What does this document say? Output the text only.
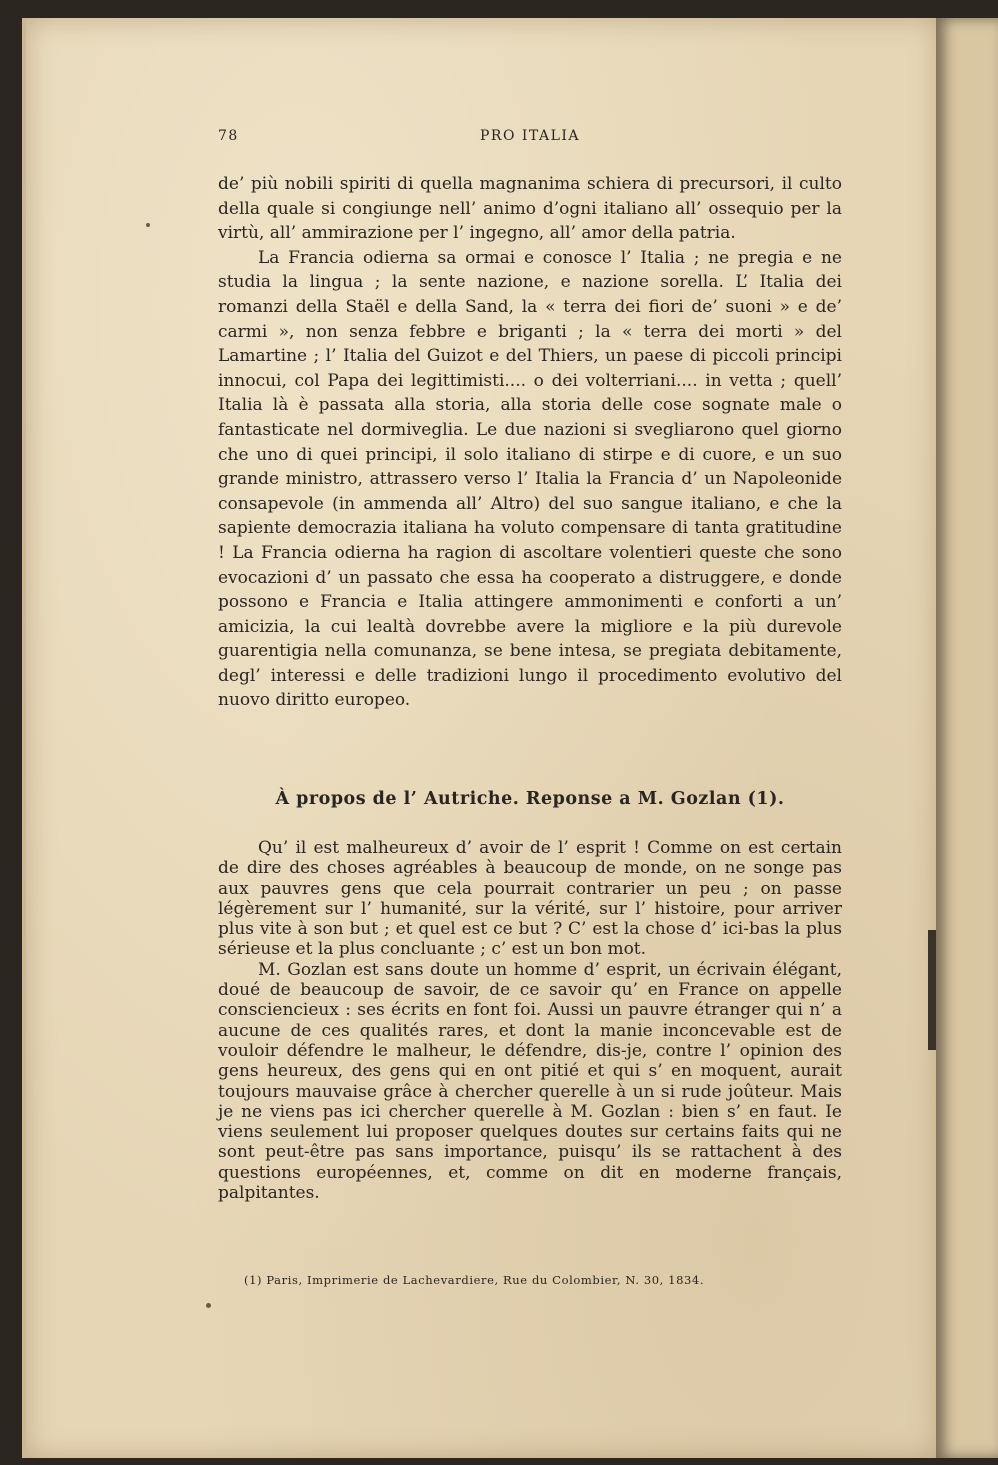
78	PRO ITALIA

de’ più nobili spiriti di quella magnanima schiera di precursori, il culto della quale si congiunge nell’ animo d’ogni italiano all’ ossequio per la virtù, all’ ammirazione per l’ ingegno, all’ amor della patria.

La Francia odierna sa ormai e conosce l’ Italia ; ne pregia e ne studia la lingua ; la sente nazione, e nazione sorella. L’ Italia dei romanzi della Staël e della Sand, la « terra dei fiori de’ suoni » e de’ carmi », non senza febbre e briganti ; la « terra dei morti » del Lamartine ; l’ Italia del Guizot e del Thiers, un paese di piccoli principi innocui, col Papa dei legittimisti.... o dei volterriani.... in vetta ; quell’ Italia là è passata alla storia, alla storia delle cose sognate male o fantasticate nel dormiveglia. Le due nazioni si svegliarono quel giorno che uno di quei principi, il solo italiano di stirpe e di cuore, e un suo grande ministro, attrassero verso l’ Italia la Francia d’ un Napoleonide consapevole (in ammenda all’ Altro) del suo sangue italiano, e che la sapiente democrazia italiana ha voluto compensare di tanta gratitudine ! La Francia odierna ha ragion di ascoltare volentieri queste che sono evocazioni d’ un passato che essa ha cooperato a distruggere, e donde possono e Francia e Italia attingere ammonimenti e conforti a un’ amicizia, la cui lealtà dovrebbe avere la migliore e la più durevole guarentigia nella comunanza, se bene intesa, se pregiata debitamente, degl’ interessi e delle tradizioni lungo il procedimento evolutivo del nuovo diritto europeo.

À propos de l’ Autriche. Reponse a M. Gozlan (1).

Qu’ il est malheureux d’ avoir de l’ esprit ! Comme on est certain de dire des choses agréables à beaucoup de monde, on ne songe pas aux pauvres gens que cela pourrait contrarier un peu ; on passe légèrement sur l’ humanité, sur la vérité, sur l’ histoire, pour arriver plus vite à son but ; et quel est ce but ? C’ est la chose d’ ici-bas la plus sérieuse et la plus concluante ; c’ est un bon mot.

M. Gozlan est sans doute un homme d’ esprit, un écrivain élégant, doué de beaucoup de savoir, de ce savoir qu’ en France on appelle consciencieux : ses écrits en font foi. Aussi un pauvre étranger qui n’ a aucune de ces qualités rares, et dont la manie inconcevable est de vouloir défendre le malheur, le défendre, dis-je, contre l’ opinion des gens heureux, des gens qui en ont pitié et qui s’ en moquent, aurait toujours mauvaise grâce à chercher querelle à un si rude joûteur. Mais je ne viens pas ici chercher querelle à M. Gozlan : bien s’ en faut. Ie viens seulement lui proposer quelques doutes sur certains faits qui ne sont peut-être pas sans importance, puisqu’ ils se rattachent à des questions européennes, et, comme on dit en moderne français, palpitantes.

(1) Paris, Imprimerie de Lachevardiere, Rue du Colombier, N. 30, 1834.
